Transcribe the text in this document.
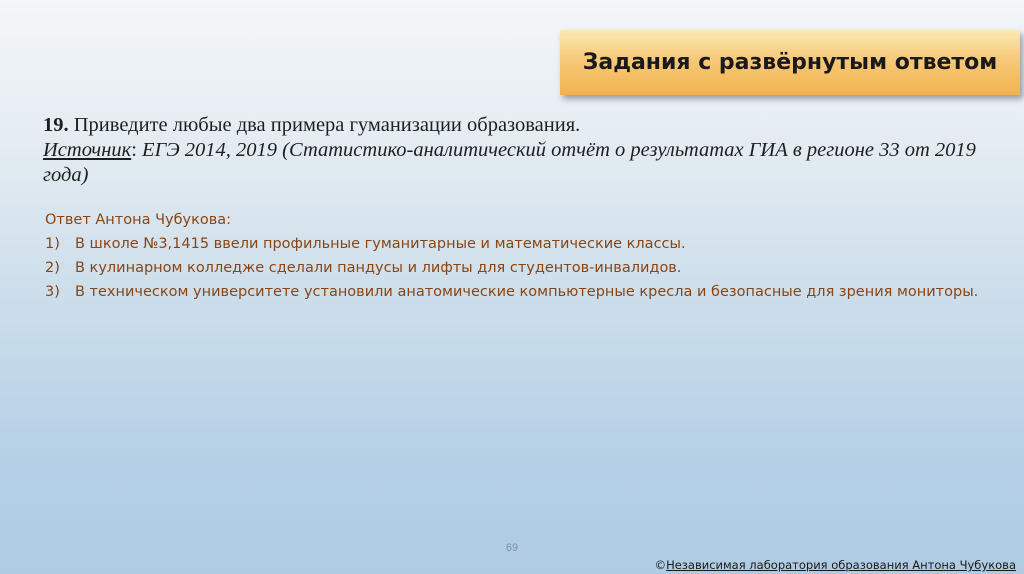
Задания с развёрнутым ответом
19. Приведите любые два примера гуманизации образования.
Источник: ЕГЭ 2014, 2019 (Статистико-аналитический отчёт о результатах ГИА в регионе 33 от 2019 года)
Ответ Антона Чубукова:
1)	В школе №3,1415 ввели профильные гуманитарные и математические классы.
2)	В кулинарном колледже сделали пандусы и лифты для студентов-инвалидов.
3)	В техническом университете установили анатомические компьютерные кресла и безопасные для зрения мониторы.
69
©Независимая лаборатория образования Антона Чубукова
